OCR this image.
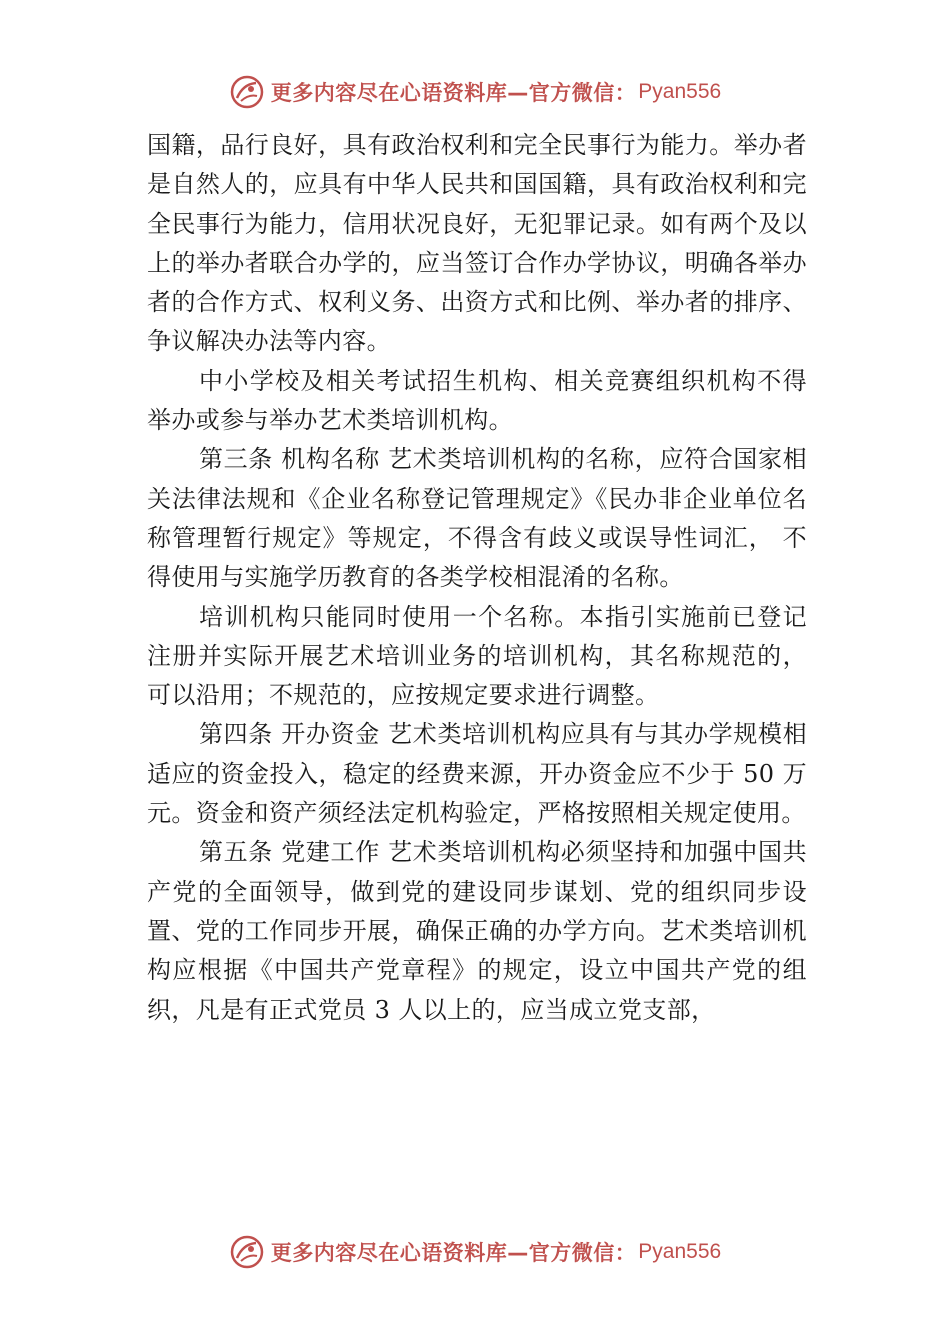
更多内容尽在心语资料库—官方微信： Pyan556

国籍，品行良好，具有政治权利和完全民事行为能力。举办者是自然人的，应具有中华人民共和国国籍，具有政治权利和完全民事行为能力，信用状况良好，无犯罪记录。如有两个及以上的举办者联合办学的，应当签订合作办学协议，明确各举办者的合作方式、权利义务、出资方式和比例、举办者的排序、争议解决办法等内容。

中小学校及相关考试招生机构、相关竞赛组织机构不得举办或参与举办艺术类培训机构。

第三条 机构名称 艺术类培训机构的名称，应符合国家相关法律法规和《企业名称登记管理规定》《民办非企业单位名称管理暂行规定》等规定，不得含有歧义或误导性词汇， 不得使用与实施学历教育的各类学校相混淆的名称。

培训机构只能同时使用一个名称。本指引实施前已登记注册并实际开展艺术培训业务的培训机构，其名称规范的， 可以沿用；不规范的，应按规定要求进行调整。

第四条 开办资金 艺术类培训机构应具有与其办学规模相适应的资金投入，稳定的经费来源，开办资金应不少于 50 万元。资金和资产须经法定机构验定，严格按照相关规定使用。

第五条 党建工作 艺术类培训机构必须坚持和加强中国共产党的全面领导，做到党的建设同步谋划、党的组织同步设置、党的工作同步开展，确保正确的办学方向。艺术类培训机构应根据《中国共产党章程》的规定，设立中国共产党的组织，凡是有正式党员 3 人以上的，应当成立党支部，

更多内容尽在心语资料库—官方微信： Pyan556
